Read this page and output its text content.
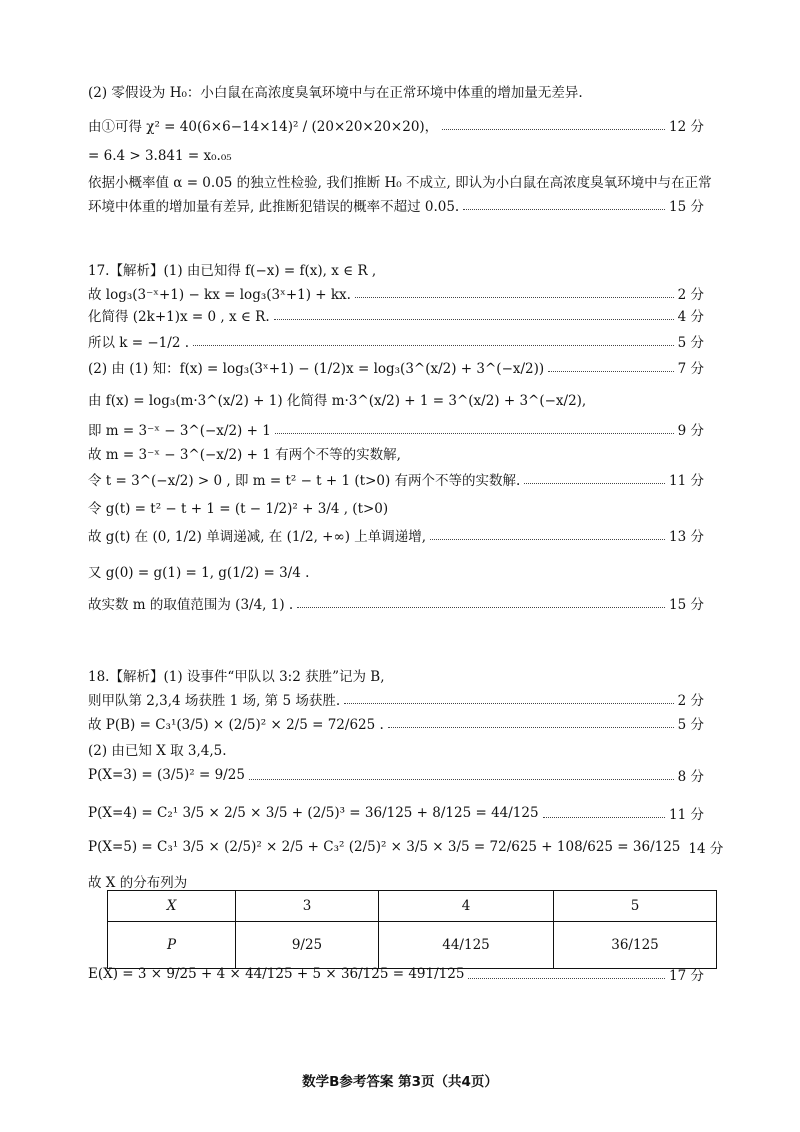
(2) 零假设为 H₀：小白鼠在高浓度臭氧环境中与在正常环境中体重的增加量无差异.
由①可得 χ² = 40(6×6−14×14)² / (20×20×20×20)，	12 分
= 6.4 > 3.841 = x₀.₀₅
依据小概率值 α = 0.05 的独立性检验, 我们推断 H₀ 不成立, 即认为小白鼠在高浓度臭氧环境中与在正常
环境中体重的增加量有差异, 此推断犯错误的概率不超过 0.05.	15 分
17.【解析】(1) 由已知得 f(−x) = f(x), x ∈ R ,
故 log₃(3⁻ˣ+1) − kx = log₃(3ˣ+1) + kx.	2 分
化简得 (2k+1)x = 0 , x ∈ R.	4 分
所以 k = −1/2 .	5 分
(2) 由 (1) 知：f(x) = log₃(3ˣ+1) − (1/2)x = log₃(3^(x/2) + 3^(−x/2))	7 分
由 f(x) = log₃(m·3^(x/2) + 1) 化简得 m·3^(x/2) + 1 = 3^(x/2) + 3^(−x/2),
即 m = 3⁻ˣ − 3^(−x/2) + 1	9 分
故 m = 3⁻ˣ − 3^(−x/2) + 1 有两个不等的实数解,
令 t = 3^(−x/2) > 0 , 即 m = t² − t + 1 (t>0) 有两个不等的实数解.	11 分
令 g(t) = t² − t + 1 = (t − 1/2)² + 3/4 , (t>0)
故 g(t) 在 (0, 1/2) 单调递减, 在 (1/2, +∞) 上单调递增,	13 分
又 g(0) = g(1) = 1, g(1/2) = 3/4 .
故实数 m 的取值范围为 (3/4, 1) .	15 分
18.【解析】(1) 设事件“甲队以 3:2 获胜”记为 B,
则甲队第 2,3,4 场获胜 1 场, 第 5 场获胜.	2 分
故 P(B) = C₃¹(3/5) × (2/5)² × 2/5 = 72/625 .	5 分
(2) 由已知 X 取 3,4,5.
P(X=3) = (3/5)² = 9/25	8 分
P(X=4) = C₂¹ 3/5 × 2/5 × 3/5 + (2/5)³ = 36/125 + 8/125 = 44/125	11 分
P(X=5) = C₃¹ 3/5 × (2/5)² × 2/5 + C₃² (2/5)² × 3/5 × 3/5 = 72/625 + 108/625 = 36/125 14 分
故 X 的分布列为
X	3	4	5
P	9/25	44/125	36/125
E(X) = 3 × 9/25 + 4 × 44/125 + 5 × 36/125 = 491/125	17 分
数学B参考答案 第3页（共4页）
